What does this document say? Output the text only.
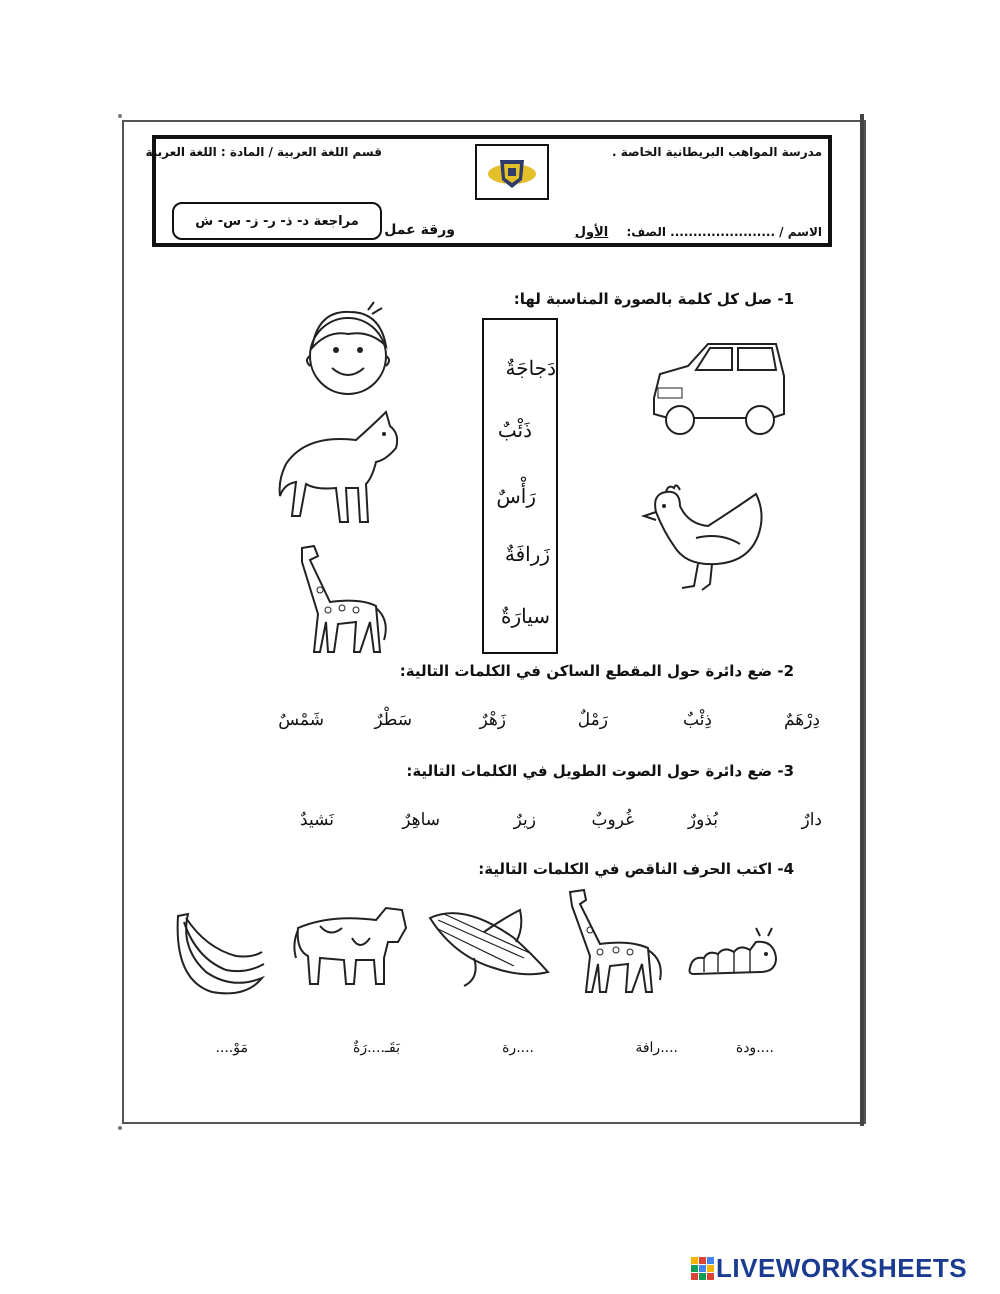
قسم اللغة العربية / المادة : اللغة العربية	مدرسة المواهب البريطانية الخاصة .
مراجعة د- ذ- ر- ز- س- ش
ورقة عمل	الاسم / ....................... الصف: الأول
1- صل كل كلمة بالصورة المناسبة لها:
دَجاجَةٌ
ذَئْبٌ
رَأْسٌ
زَرافَةٌ
سيارَةٌ
2- ضع دائرة حول المقطع الساكن في الكلمات التالية:
دِرْهَمٌ
ذِئْبٌ
رَمْلٌ
زَهْرٌ
سَطْرٌ
شَمْسٌ
3- ضع دائرة حول الصوت الطويل في الكلمات التالية:
دارٌ
بُذورٌ
غُروبٌ
زيرٌ
ساهِرٌ
نَشيدٌ
4- اكتب الحرف الناقص في الكلمات التالية:
....ودة
....رافة
....رة
بَقَـ....رَةٌ
مَوْ....
LIVEWORKSHEETS
